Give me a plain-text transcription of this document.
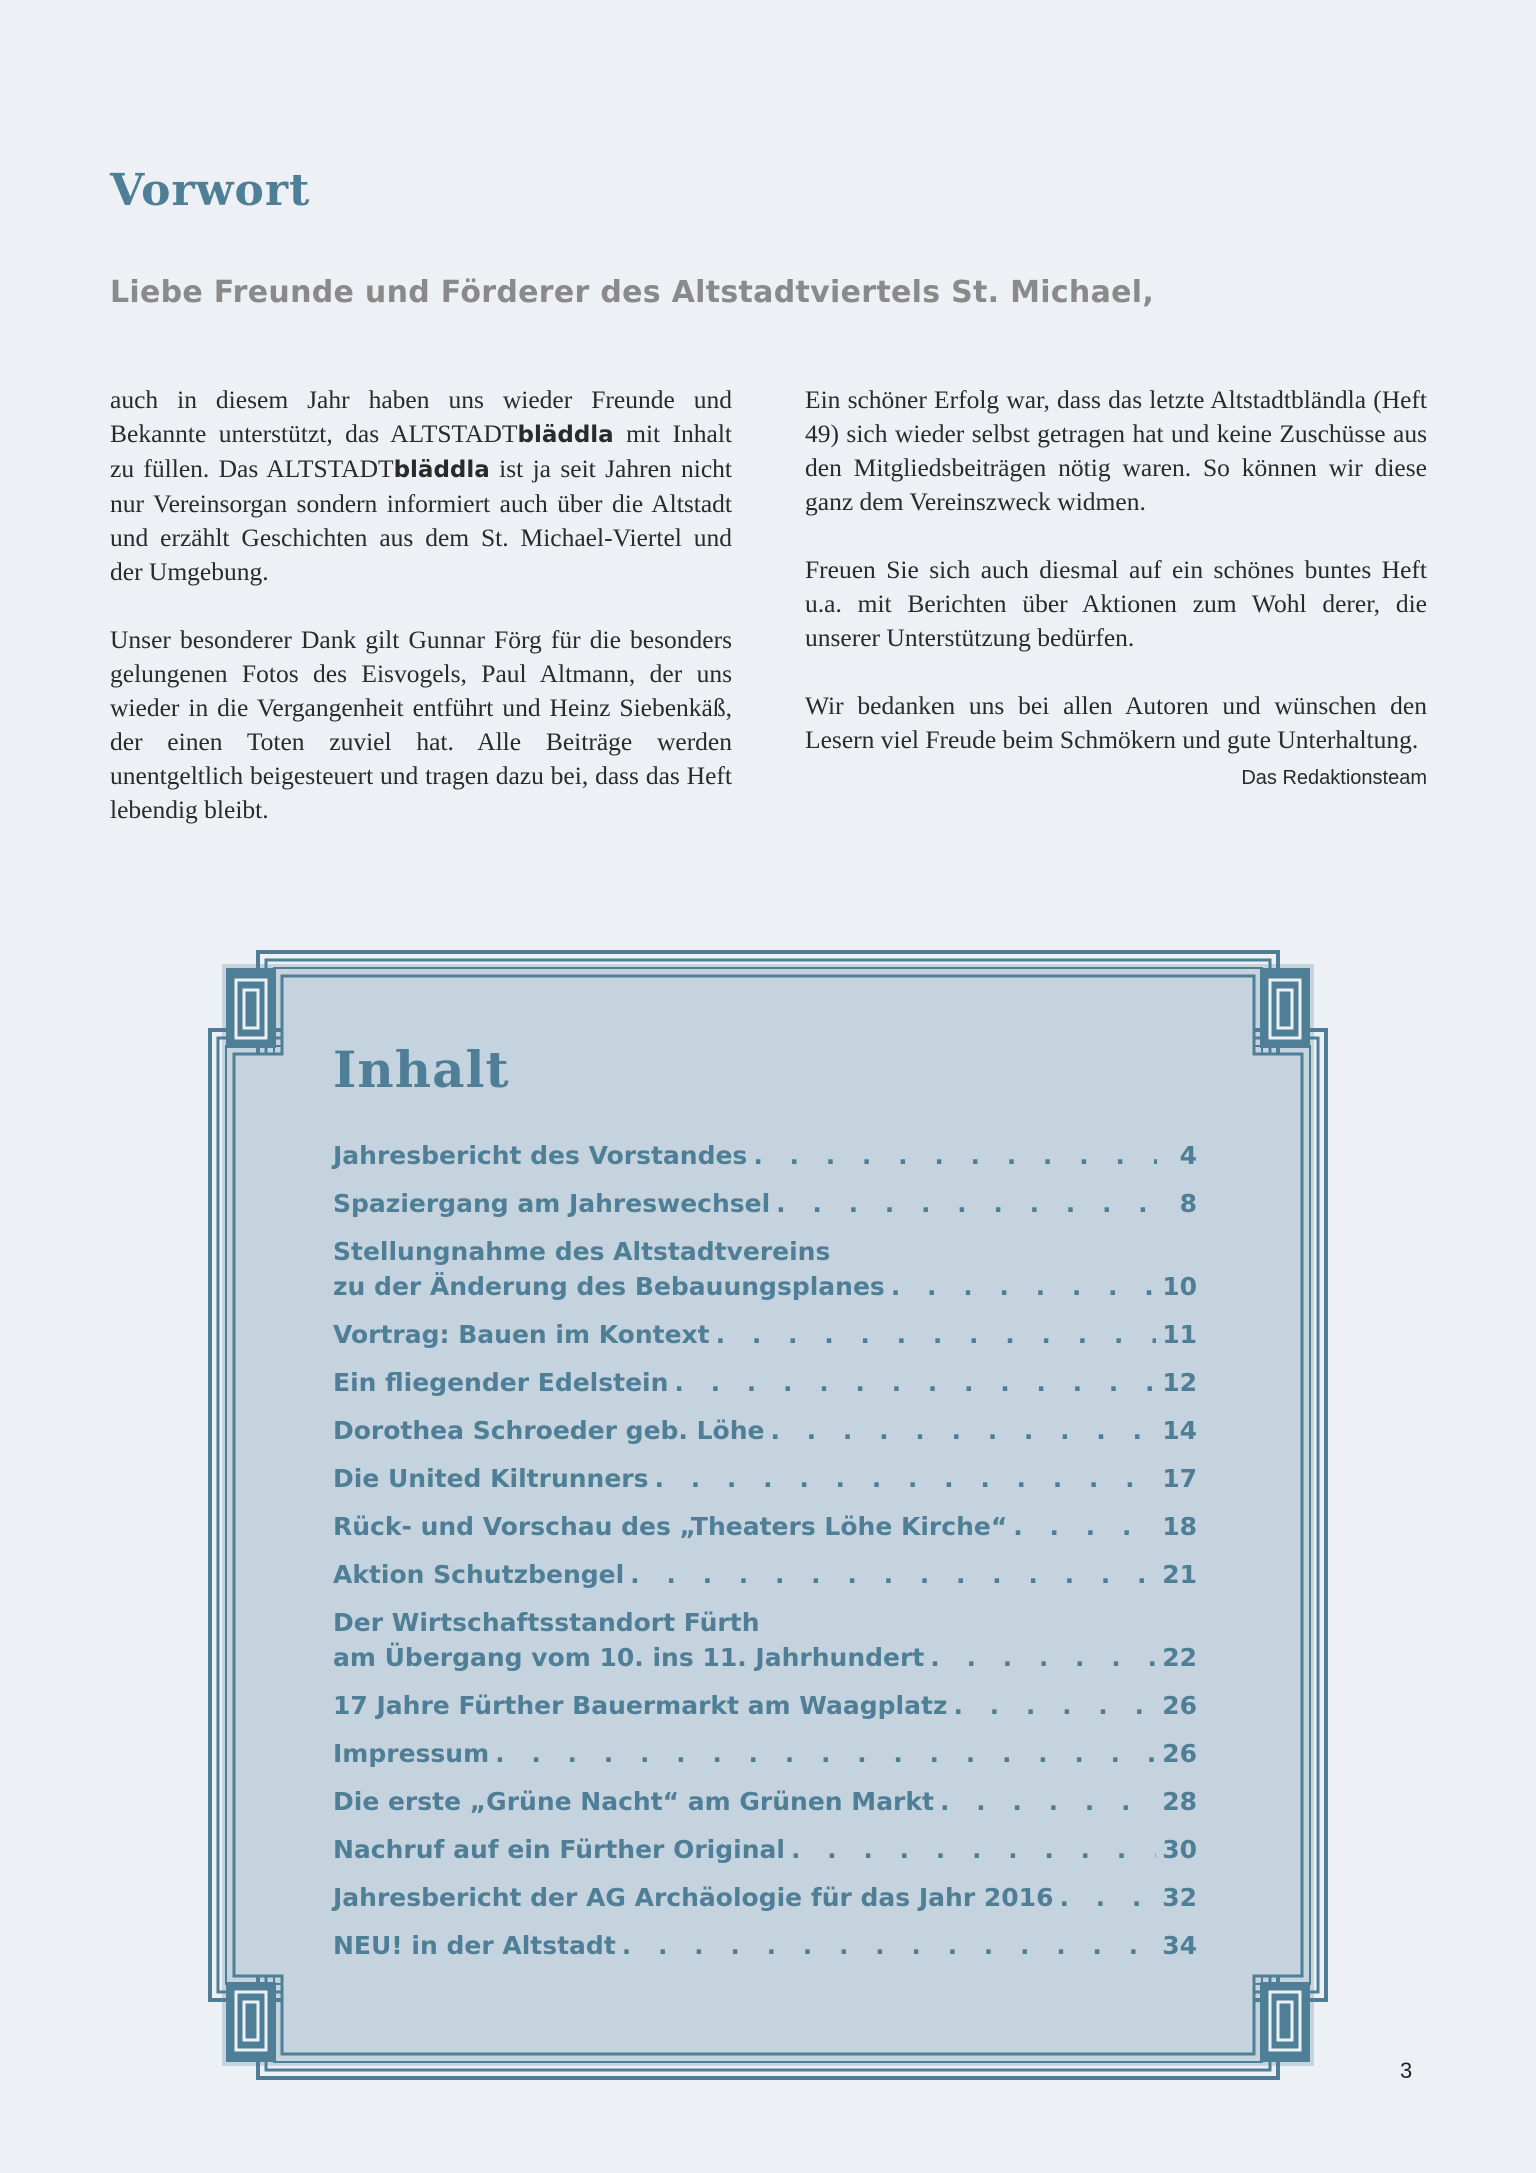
Vorwort
Liebe Freunde und Förderer des Altstadtviertels St. Michael,

auch in diesem Jahr haben uns wieder Freunde und Bekannte unterstützt, das ALTSTADTbläddla mit Inhalt zu füllen. Das ALTSTADTbläddla ist ja seit Jahren nicht nur Vereinsorgan sondern informiert auch über die Altstadt und erzählt Geschichten aus dem St. Michael-Viertel und der Umgebung.

Unser besonderer Dank gilt Gunnar Förg für die besonders gelungenen Fotos des Eisvogels, Paul Altmann, der uns wieder in die Vergangenheit entführt und Heinz Siebenkäß, der einen Toten zuviel hat. Alle Beiträge werden unentgeltlich beigesteuert und tragen dazu bei, dass das Heft lebendig bleibt.

Ein schöner Erfolg war, dass das letzte Altstadtbländla (Heft 49) sich wieder selbst getragen hat und keine Zuschüsse aus den Mitgliedsbeiträgen nötig waren. So können wir diese ganz dem Vereinszweck widmen.

Freuen Sie sich auch diesmal auf ein schönes buntes Heft u.a. mit Berichten über Aktionen zum Wohl derer, die unserer Unterstützung bedürfen.

Wir bedanken uns bei allen Autoren und wünschen den Lesern viel Freude beim Schmökern und gute Unterhaltung.

Das Redaktionsteam

Inhalt
Jahresbericht des Vorstandes . . .	4
Spaziergang am Jahreswechsel . . .	8
Stellungnahme des Altstadtvereins
zu der Änderung des Bebauungsplanes . . .	10
Vortrag: Bauen im Kontext . . .	11
Ein fliegender Edelstein . . .	12
Dorothea Schroeder geb. Löhe . . .	14
Die United Kiltrunners . . .	17
Rück- und Vorschau des „Theaters Löhe Kirche“ . . .	18
Aktion Schutzbengel . . .	21
Der Wirtschaftsstandort Fürth
am Übergang vom 10. ins 11. Jahrhundert . . .	22
17 Jahre Fürther Bauermarkt am Waagplatz . . .	26
Impressum . . .	26
Die erste „Grüne Nacht“ am Grünen Markt . . .	28
Nachruf auf ein Fürther Original . . .	30
Jahresbericht der AG Archäologie für das Jahr 2016 . . .	32
NEU! in der Altstadt . . .	34
3
